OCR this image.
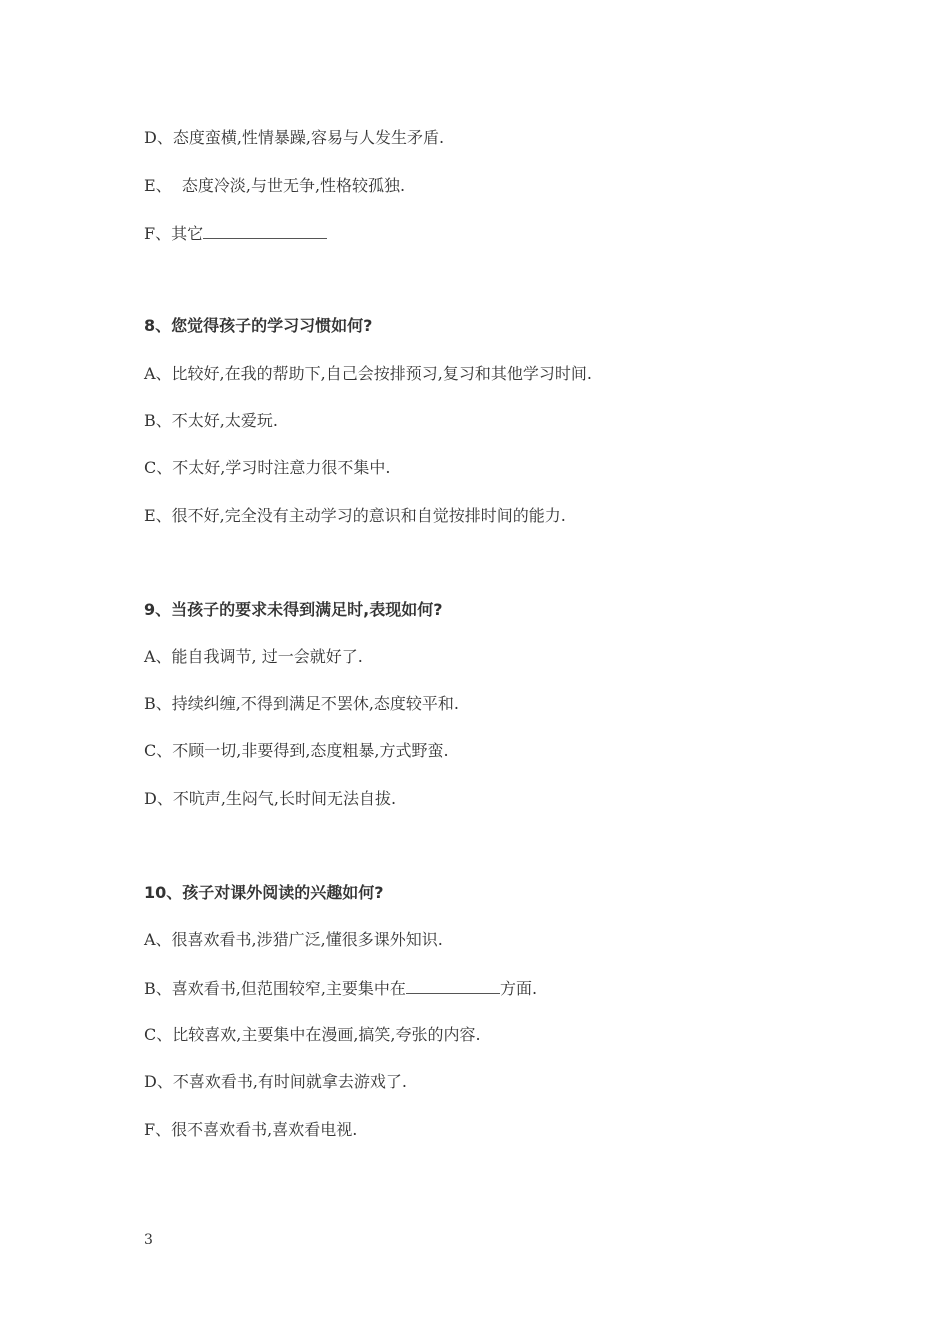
D、态度蛮横,性情暴躁,容易与人发生矛盾.
E、  态度冷淡,与世无争,性格较孤独.
F、其它
8、您觉得孩子的学习习惯如何?
A、比较好,在我的帮助下,自己会按排预习,复习和其他学习时间.
B、不太好,太爱玩.
C、不太好,学习时注意力很不集中.
E、很不好,完全没有主动学习的意识和自觉按排时间的能力.
9、当孩子的要求未得到满足时,表现如何?
A、能自我调节, 过一会就好了.
B、持续纠缠,不得到满足不罢休,态度较平和.
C、不顾一切,非要得到,态度粗暴,方式野蛮.
D、不吭声,生闷气,长时间无法自拔.
10、孩子对课外阅读的兴趣如何?
A、很喜欢看书,涉猎广泛,懂很多课外知识.
B、喜欢看书,但范围较窄,主要集中在	方面.
C、比较喜欢,主要集中在漫画,搞笑,夸张的内容.
D、不喜欢看书,有时间就拿去游戏了.
F、很不喜欢看书,喜欢看电视.
3
